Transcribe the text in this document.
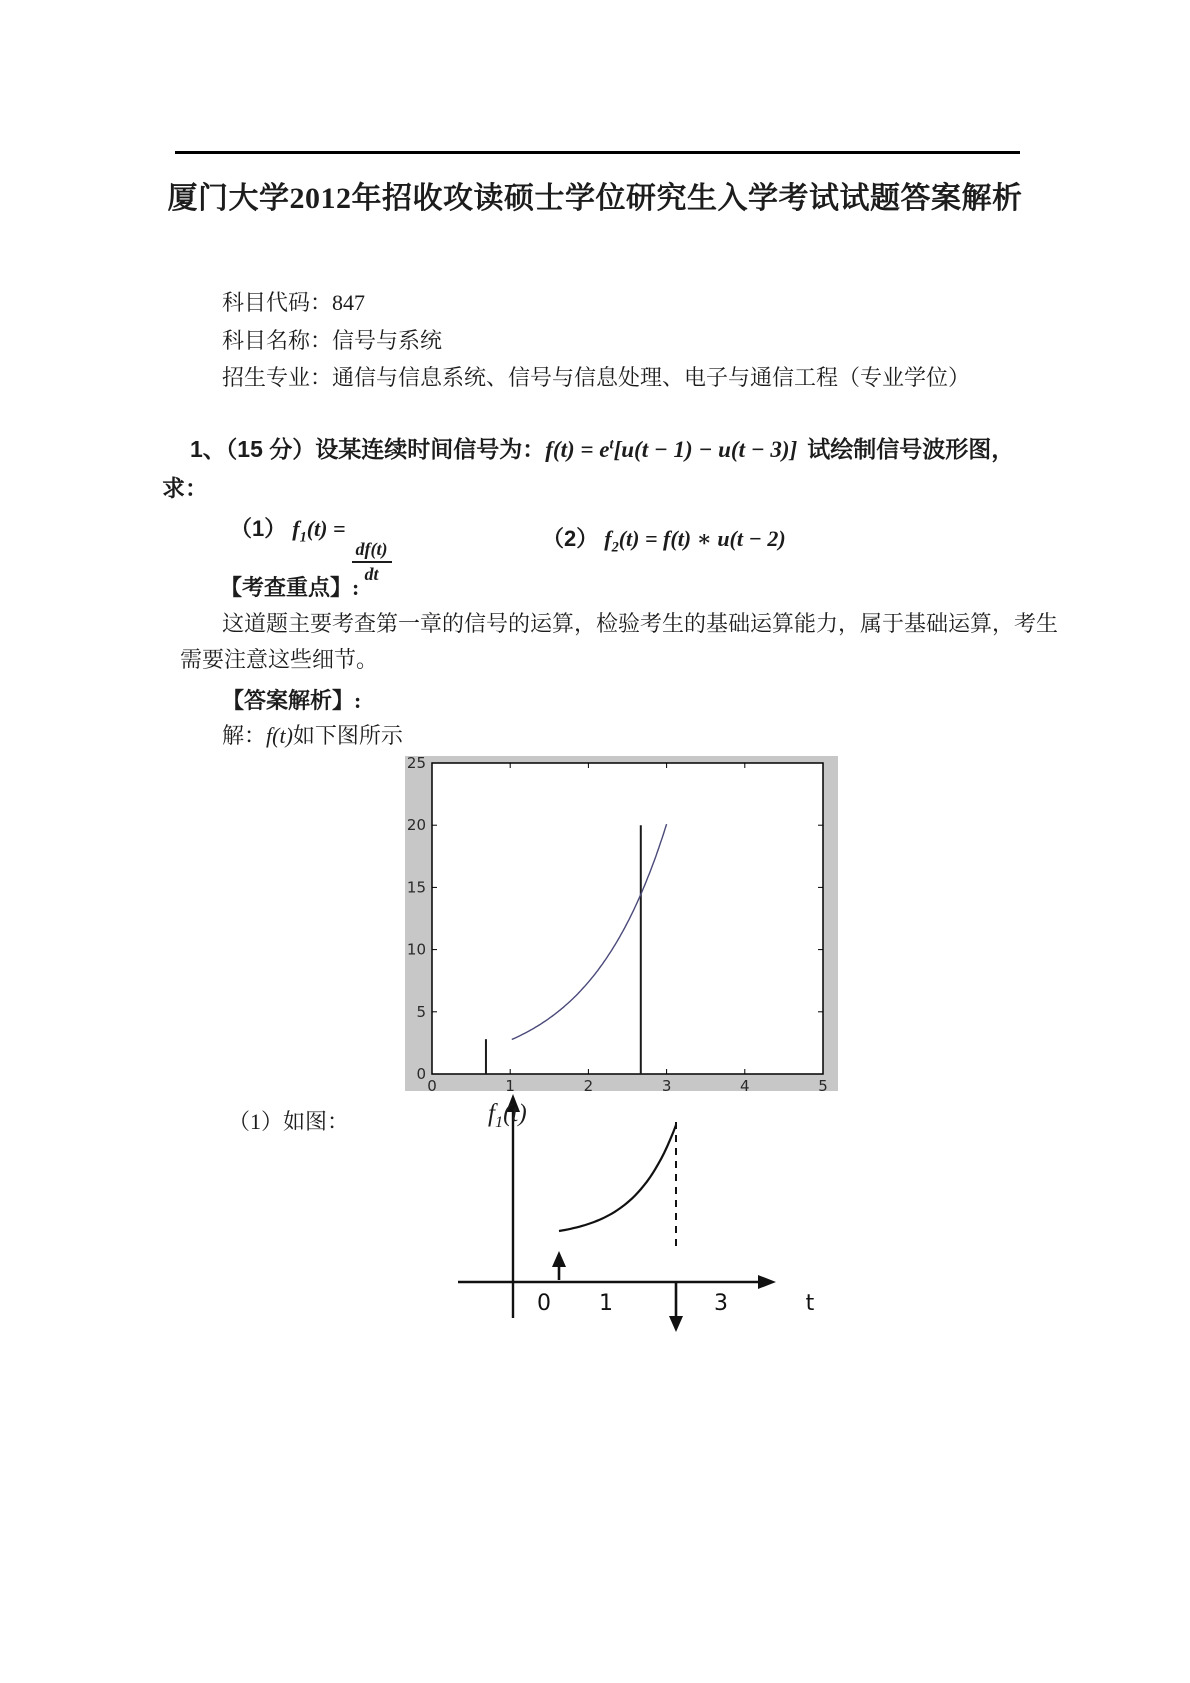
厦门大学2012年招收攻读硕士学位研究生入学考试试题答案解析
科目代码：847
科目名称：信号与系统
招生专业：通信与信息系统、信号与信息处理、电子与通信工程（专业学位）
1、（15 分）设某连续时间信号为：$f(t) = e^t[u(t - 1) - u(t - 3)]$ 试绘制信号波形图，
求：
（1） $f_1(t)$ =
$\frac{df(t)}{dt}$
（2） $f_2(t) = f(t)$ ∗ u(t − 2)
【考查重点】:
这道题主要考查第一章的信号的运算，检验考生的基础运算能力，属于基础运算，考生
需要注意这些细节。
【答案解析】:
解：f(t)如下图所示
0	1	2	3	4	5
0
5
10
15
20
25
（1）如图：
0 1	3	t
$f_1(t)$
